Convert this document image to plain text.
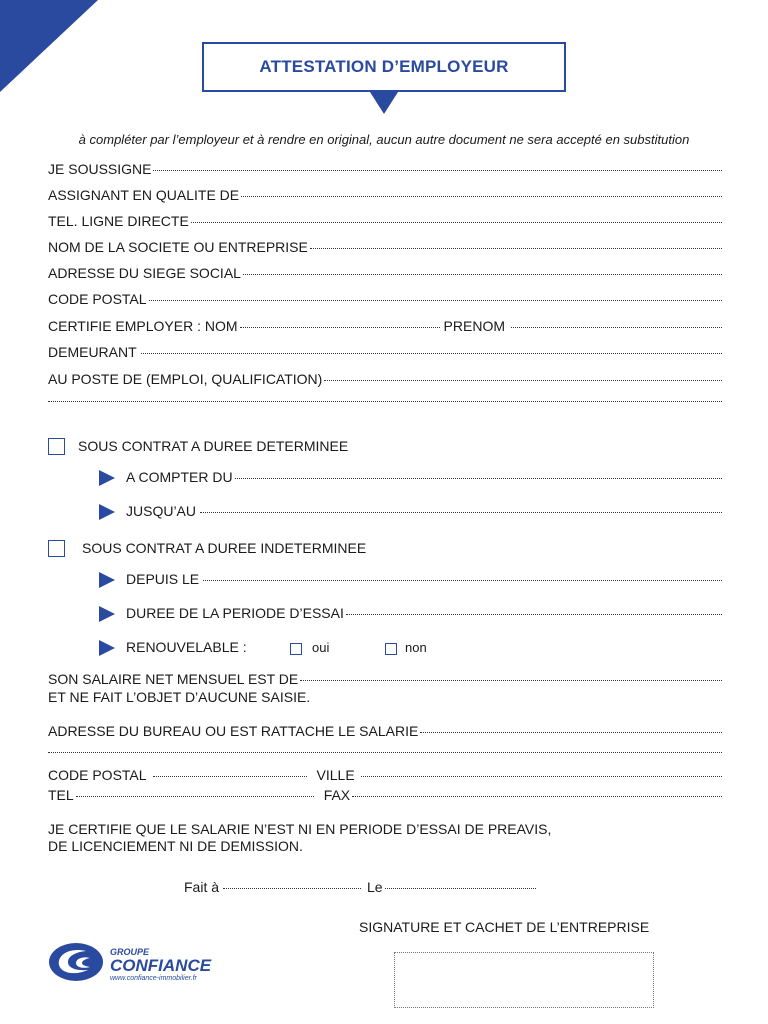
ATTESTATION D’EMPLOYEUR
à compléter par l’employeur et à rendre en original, aucun autre document ne sera accepté en substitution
JE SOUSSIGNE
ASSIGNANT EN QUALITE DE
TEL. LIGNE DIRECTE
NOM DE LA SOCIETE OU ENTREPRISE
ADRESSE DU SIEGE SOCIAL
CODE POSTAL
CERTIFIE EMPLOYER : NOM	PRENOM
DEMEURANT
AU POSTE DE (EMPLOI, QUALIFICATION)
SOUS CONTRAT A DUREE DETERMINEE
A COMPTER DU
JUSQU’AU
SOUS CONTRAT A DUREE INDETERMINEE
DEPUIS LE
DUREE DE LA PERIODE D’ESSAI
RENOUVELABLE :	oui	non
SON SALAIRE NET MENSUEL EST DE
ET NE FAIT L’OBJET D’AUCUNE SAISIE.
ADRESSE DU BUREAU OU EST RATTACHE LE SALARIE
CODE POSTAL	VILLE
TEL	FAX
JE CERTIFIE QUE LE SALARIE N’EST NI EN PERIODE D’ESSAI DE PREAVIS,
DE LICENCIEMENT NI DE DEMISSION.
Fait à	Le
SIGNATURE ET CACHET DE L’ENTREPRISE
GROUPE
CONFIANCE
www.confiance-immobilier.fr
